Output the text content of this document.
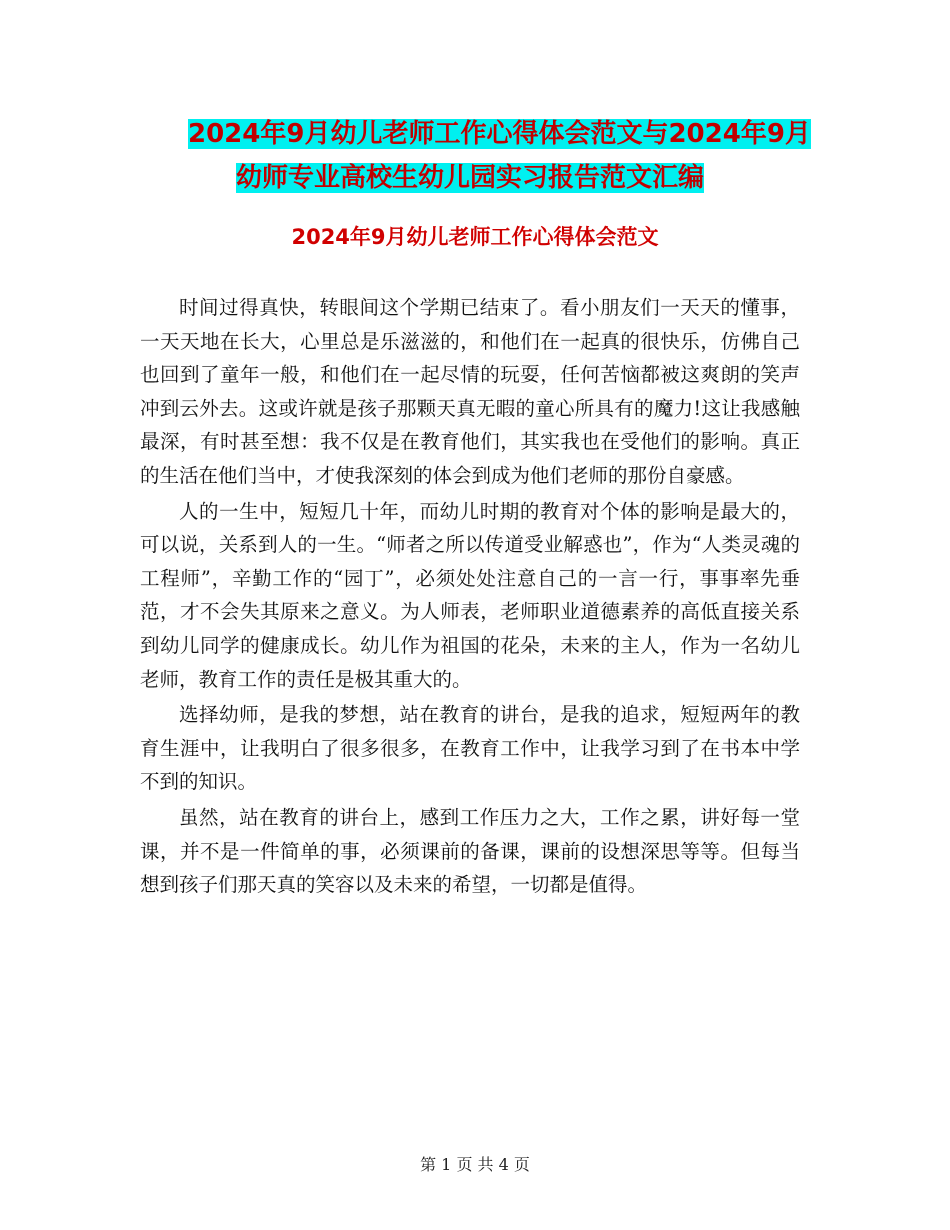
2024年9月幼儿老师工作心得体会范文与2024年9月
幼师专业高校生幼儿园实习报告范文汇编
2024年9月幼儿老师工作心得体会范文

时间过得真快，转眼间这个学期已结束了。看小朋友们一天天的懂事，一天天地在长大，心里总是乐滋滋的，和他们在一起真的很快乐，仿佛自己也回到了童年一般，和他们在一起尽情的玩耍，任何苦恼都被这爽朗的笑声冲到云外去。这或许就是孩子那颗天真无暇的童心所具有的魔力!这让我感触最深，有时甚至想：我不仅是在教育他们，其实我也在受他们的影响。真正的生活在他们当中，才使我深刻的体会到成为他们老师的那份自豪感。

人的一生中，短短几十年，而幼儿时期的教育对个体的影响是最大的，可以说，关系到人的一生。“师者之所以传道受业解惑也”，作为“人类灵魂的工程师”，辛勤工作的“园丁”，必须处处注意自己的一言一行，事事率先垂范，才不会失其原来之意义。为人师表，老师职业道德素养的高低直接关系到幼儿同学的健康成长。幼儿作为祖国的花朵，未来的主人，作为一名幼儿老师，教育工作的责任是极其重大的。

选择幼师，是我的梦想，站在教育的讲台，是我的追求，短短两年的教育生涯中，让我明白了很多很多，在教育工作中，让我学习到了在书本中学不到的知识。

虽然，站在教育的讲台上，感到工作压力之大，工作之累，讲好每一堂课，并不是一件简单的事，必须课前的备课，课前的设想深思等等。但每当想到孩子们那天真的笑容以及未来的希望，一切都是值得。

第 1 页 共 4 页
